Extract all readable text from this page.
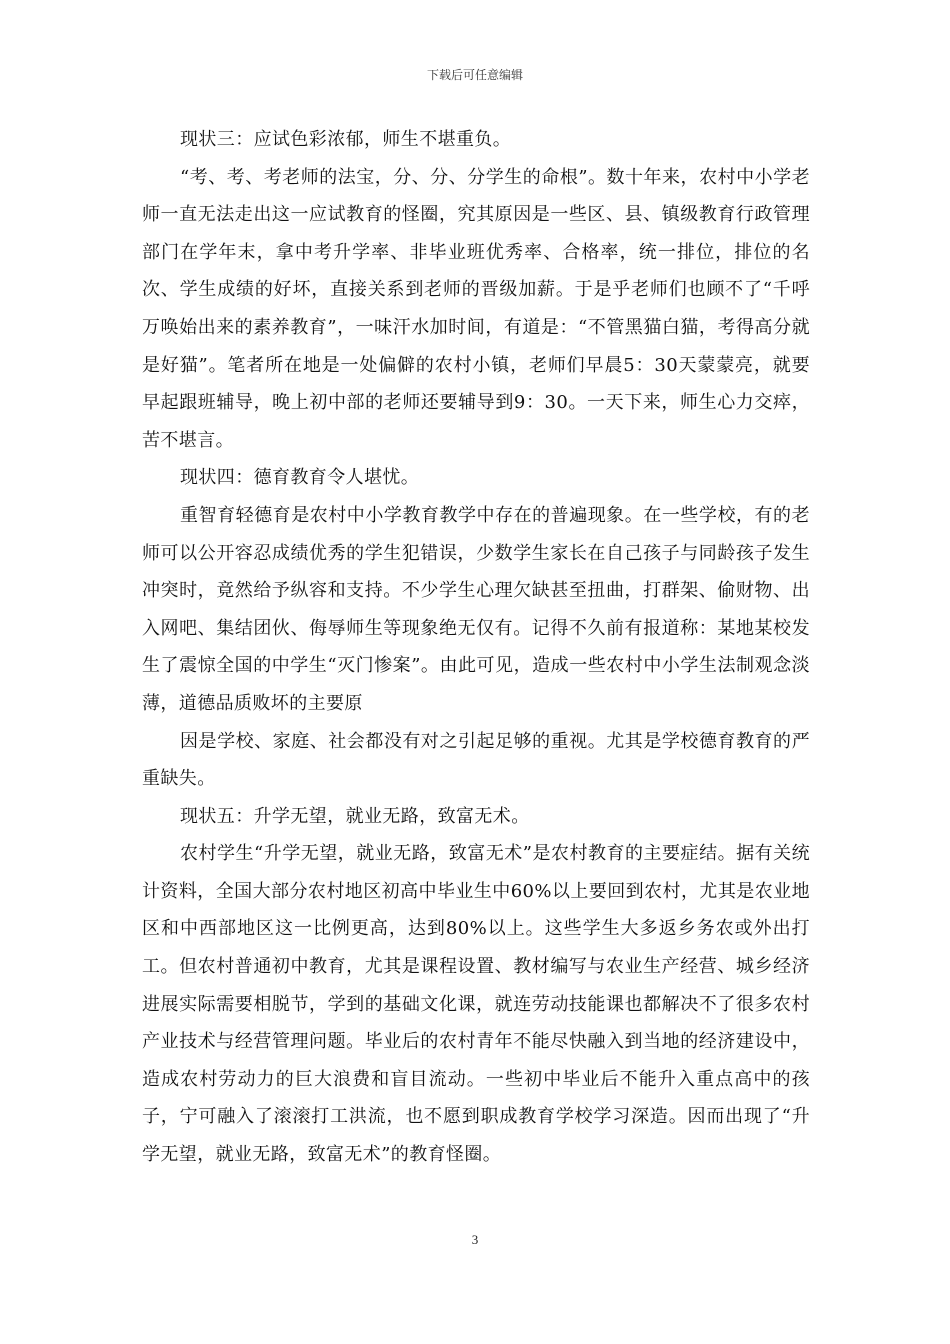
下载后可任意编辑

现状三：应试色彩浓郁，师生不堪重负。

“考、考、考老师的法宝，分、分、分学生的命根”。数十年来，农村中小学老师一直无法走出这一应试教育的怪圈，究其原因是一些区、县、镇级教育行政管理部门在学年末，拿中考升学率、非毕业班优秀率、合格率，统一排位，排位的名次、学生成绩的好坏，直接关系到老师的晋级加薪。于是乎老师们也顾不了“千呼万唤始出来的素养教育”，一味汗水加时间，有道是：“不管黑猫白猫，考得高分就是好猫”。笔者所在地是一处偏僻的农村小镇，老师们早晨5：30天蒙蒙亮，就要早起跟班辅导，晚上初中部的老师还要辅导到9：30。一天下来，师生心力交瘁，苦不堪言。

现状四：德育教育令人堪忧。

重智育轻德育是农村中小学教育教学中存在的普遍现象。在一些学校，有的老师可以公开容忍成绩优秀的学生犯错误，少数学生家长在自己孩子与同龄孩子发生冲突时，竟然给予纵容和支持。不少学生心理欠缺甚至扭曲，打群架、偷财物、出入网吧、集结团伙、侮辱师生等现象绝无仅有。记得不久前有报道称：某地某校发生了震惊全国的中学生“灭门惨案”。由此可见，造成一些农村中小学生法制观念淡薄，道德品质败坏的主要原

因是学校、家庭、社会都没有对之引起足够的重视。尤其是学校德育教育的严重缺失。

现状五：升学无望，就业无路，致富无术。

农村学生“升学无望，就业无路，致富无术”是农村教育的主要症结。据有关统计资料，全国大部分农村地区初高中毕业生中60%以上要回到农村，尤其是农业地区和中西部地区这一比例更高，达到80%以上。这些学生大多返乡务农或外出打工。但农村普通初中教育，尤其是课程设置、教材编写与农业生产经营、城乡经济进展实际需要相脱节，学到的基础文化课，就连劳动技能课也都解决不了很多农村产业技术与经营管理问题。毕业后的农村青年不能尽快融入到当地的经济建设中，造成农村劳动力的巨大浪费和盲目流动。一些初中毕业后不能升入重点高中的孩子，宁可融入了滚滚打工洪流，也不愿到职成教育学校学习深造。因而出现了“升学无望，就业无路，致富无术”的教育怪圈。

3
